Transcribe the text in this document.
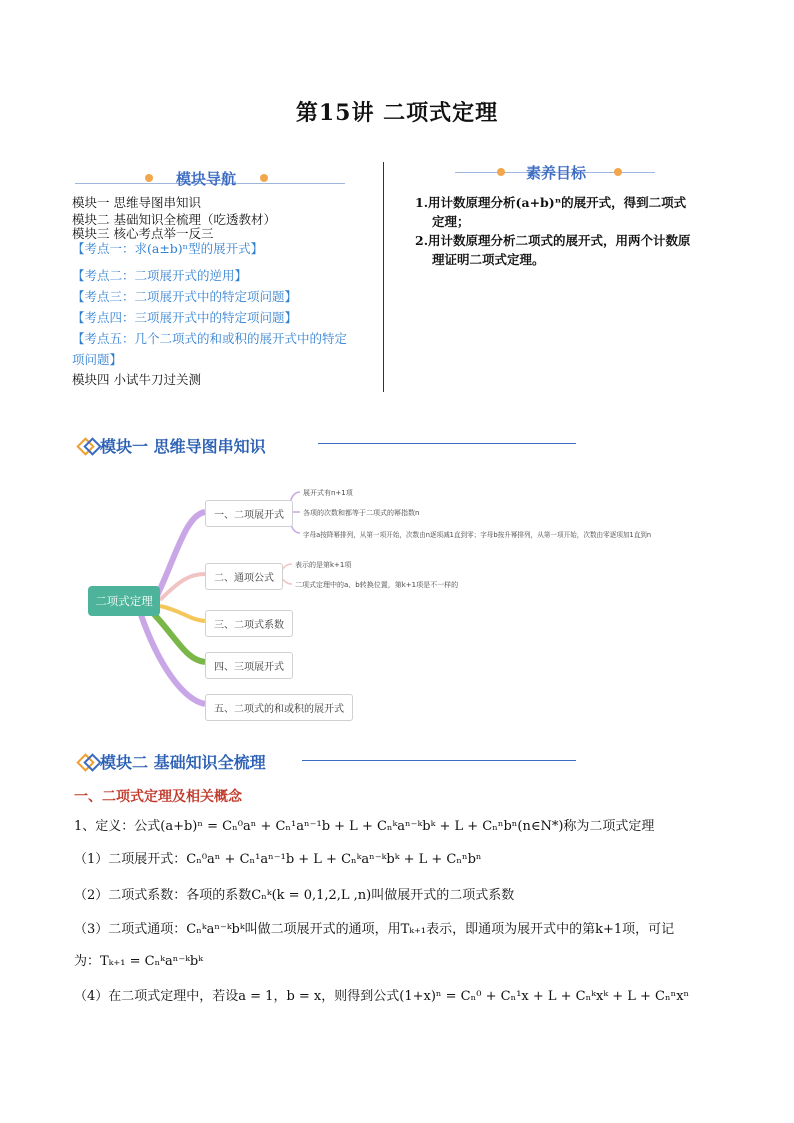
第15讲 二项式定理
模块导航
模块一 思维导图串知识
模块二 基础知识全梳理（吃透教材）
模块三 核心考点举一反三
【考点一：求(a±b)ⁿ型的展开式】
【考点二：二项展开式的逆用】
【考点三：二项展开式中的特定项问题】
【考点四：三项展开式中的特定项问题】
【考点五：几个二项式的和或积的展开式中的特定
项问题】
模块四 小试牛刀过关测
素养目标
1.用计数原理分析(a+b)ⁿ的展开式，得到二项式
定理；
2.用计数原理分析二项式的展开式，用两个计数原
理证明二项式定理。
模块一 思维导图串知识
二项式定理
一、二项展开式
二、通项公式
三、二项式系数
四、三项展开式
五、二项式的和或积的展开式
展开式有n+1项
各项的次数和都等于二项式的幂指数n
字母a按降幂排列，从第一项开始，次数由n逐项减1直到零；字母b按升幂排列，从第一项开始，次数由零逐项加1直到n
表示的是第k+1项
二项式定理中的a、b转换位置，第k+1项是不一样的
模块二 基础知识全梳理
一、二项式定理及相关概念
1、定义：公式(a+b)ⁿ = Cₙ⁰aⁿ + Cₙ¹aⁿ⁻¹b + L + Cₙᵏaⁿ⁻ᵏbᵏ + L + Cₙⁿbⁿ(n∈N*)称为二项式定理
（1）二项展开式：Cₙ⁰aⁿ + Cₙ¹aⁿ⁻¹b + L + Cₙᵏaⁿ⁻ᵏbᵏ + L + Cₙⁿbⁿ
（2）二项式系数：各项的系数Cₙᵏ(k = 0,1,2,L ,n)叫做展开式的二项式系数
（3）二项式通项：Cₙᵏaⁿ⁻ᵏbᵏ叫做二项展开式的通项，用Tₖ₊₁表示，即通项为展开式中的第k+1项，可记
为：Tₖ₊₁ = Cₙᵏaⁿ⁻ᵏbᵏ
（4）在二项式定理中，若设a = 1，b = x，则得到公式(1+x)ⁿ = Cₙ⁰ + Cₙ¹x + L + Cₙᵏxᵏ + L + Cₙⁿxⁿ
